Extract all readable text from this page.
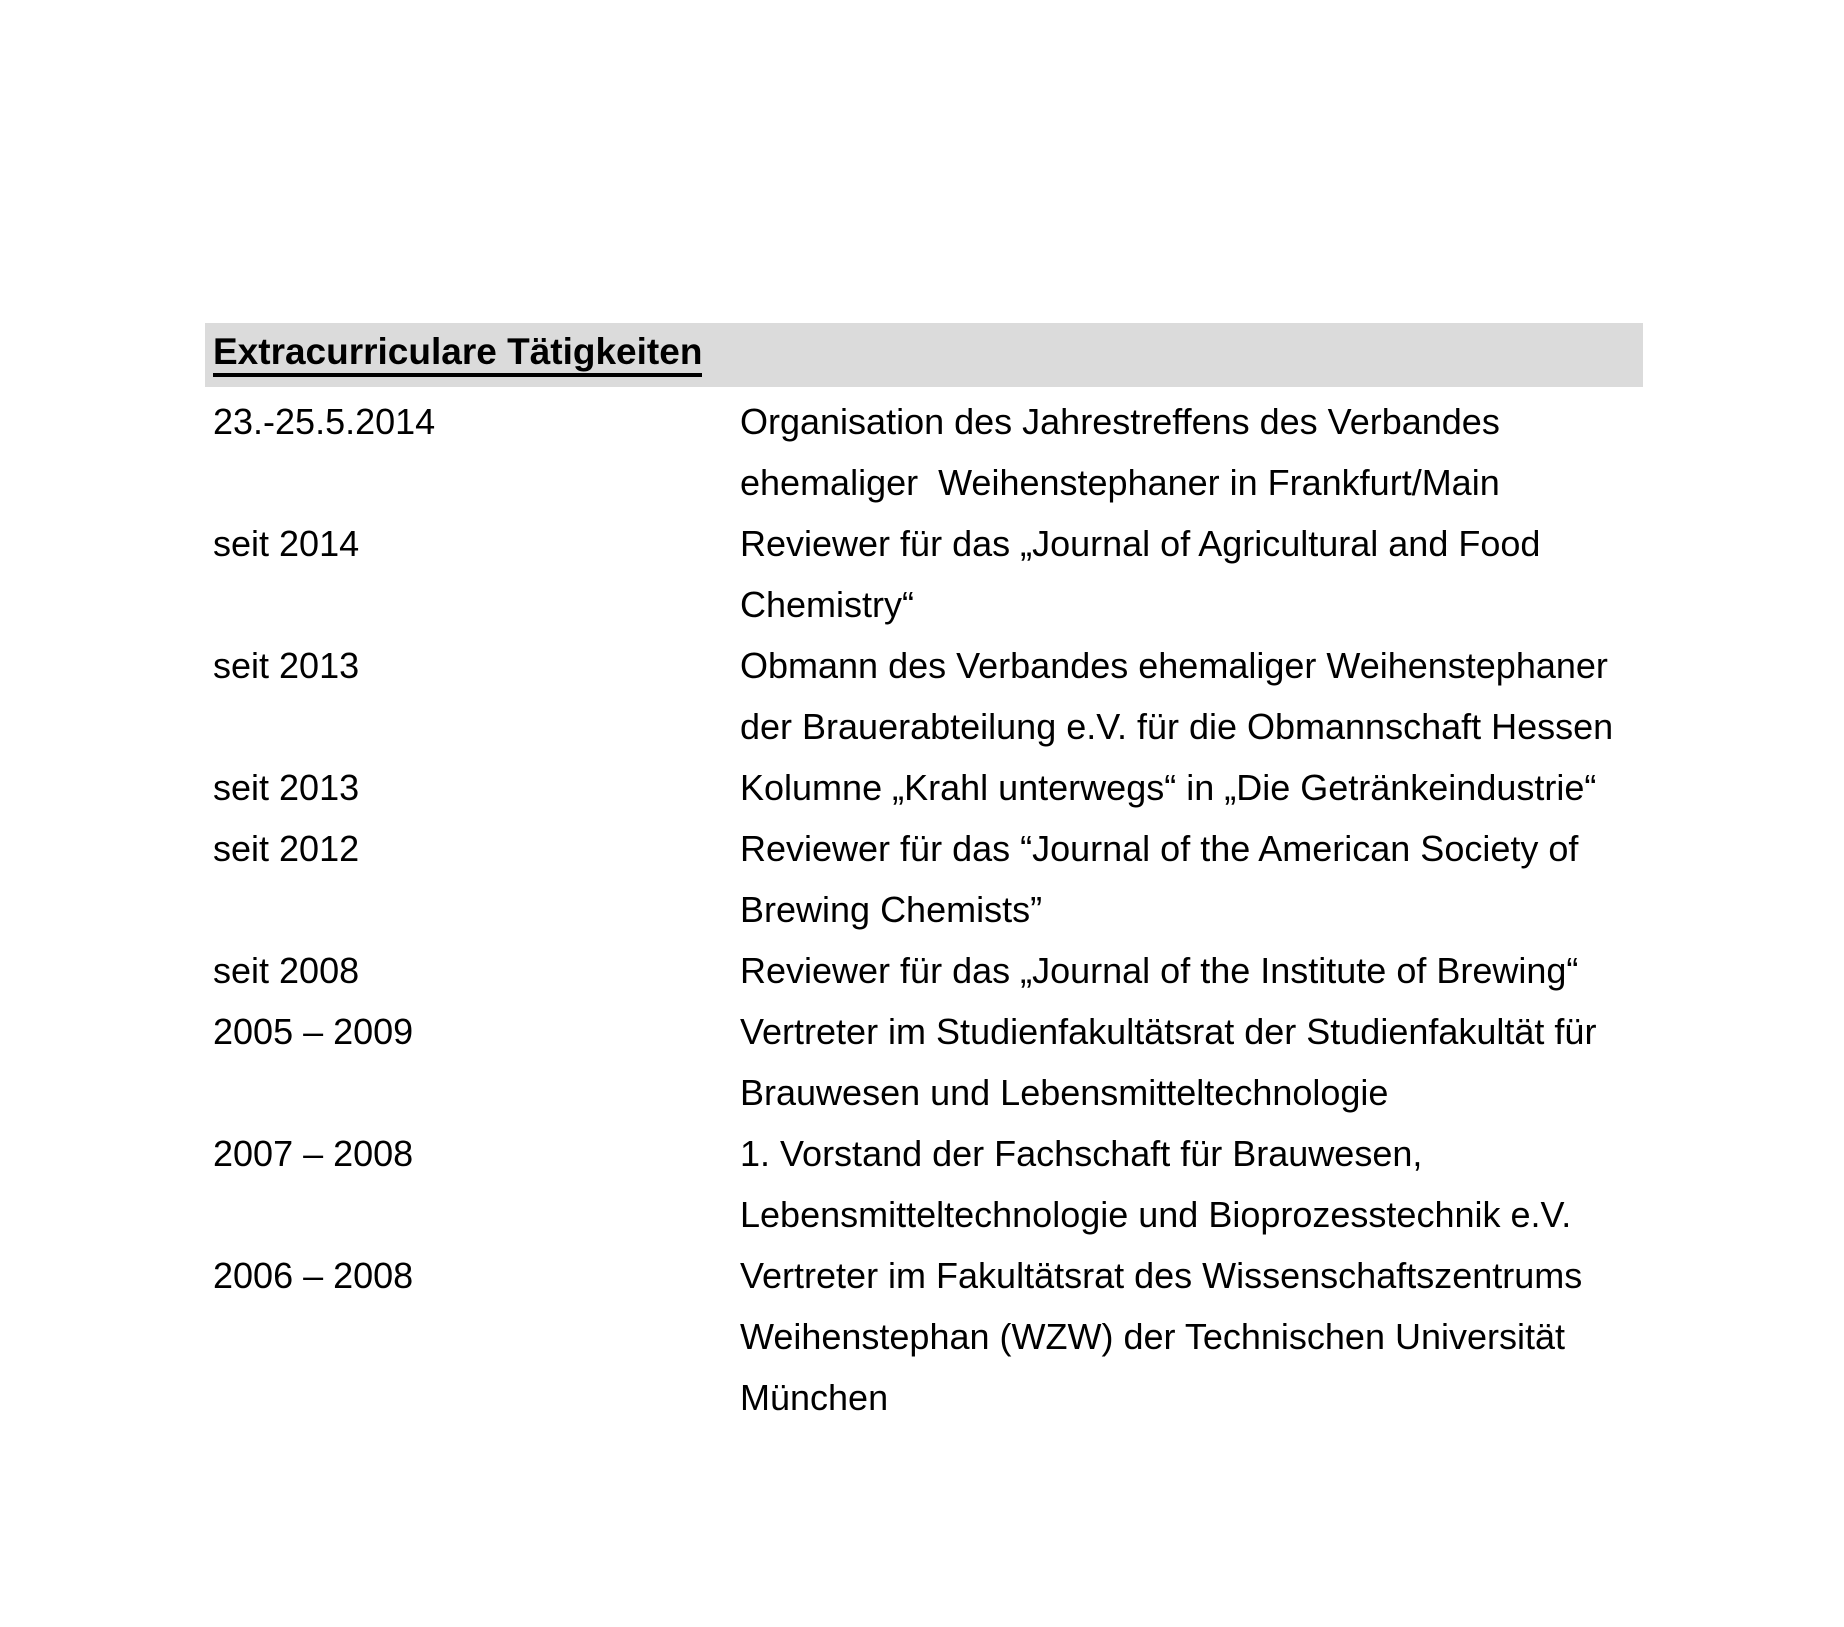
Extracurriculare Tätigkeiten
23.-25.5.2014	Organisation des Jahrestreffens des Verbandes
ehemaliger  Weihenstephaner in Frankfurt/Main
seit 2014	Reviewer für das „Journal of Agricultural and Food
Chemistry“
seit 2013	Obmann des Verbandes ehemaliger Weihenstephaner
der Brauerabteilung e.V. für die Obmannschaft Hessen
seit 2013	Kolumne „Krahl unterwegs“ in „Die Getränkeindustrie“
seit 2012	Reviewer für das “Journal of the American Society of
Brewing Chemists”
seit 2008	Reviewer für das „Journal of the Institute of Brewing“
2005 – 2009	Vertreter im Studienfakultätsrat der Studienfakultät für
Brauwesen und Lebensmitteltechnologie
2007 – 2008	1. Vorstand der Fachschaft für Brauwesen,
Lebensmitteltechnologie und Bioprozesstechnik e.V.
2006 – 2008	Vertreter im Fakultätsrat des Wissenschaftszentrums
Weihenstephan (WZW) der Technischen Universität
München
